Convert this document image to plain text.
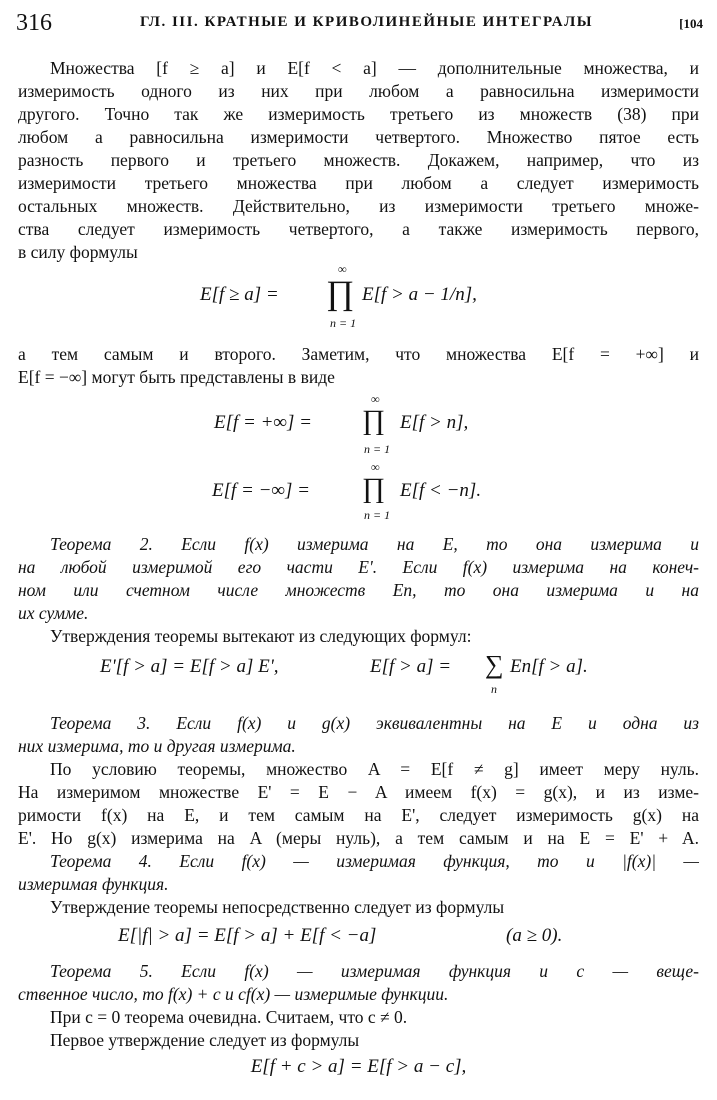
316	ГЛ. III. КРАТНЫЕ И КРИВОЛИНЕЙНЫЕ ИНТЕГРАЛЫ	[104
Множества [f ≥ a] и E[f < a] — дополнительные множества, и
измеримость одного из них при любом a равносильна измеримости
другого. Точно так же измеримость третьего из множеств (38) при
любом a равносильна измеримости четвертого. Множество пятое есть
разность первого и третьего множеств. Докажем, например, что из
измеримости третьего множества при любом a следует измеримость
остальных множеств. Действительно, из измеримости третьего множе-
ства следует измеримость четвертого, а также измеримость первого,
в силу формулы
E[f ≥ a] =
∞
∏
n = 1
E[f > a − 1/n],
а тем самым и второго. Заметим, что множества E[f = +∞] и
E[f = −∞] могут быть представлены в виде
E[f = +∞] =
∞
∏
n = 1
E[f > n],
E[f = −∞] =
∞
∏
n = 1
E[f < −n].
Теорема 2. Если f(x) измерима на E, то она измерима и
на любой измеримой его части E'. Если f(x) измерима на конеч-
ном или счетном числе множеств En, то она измерима и на
их сумме.
Утверждения теоремы вытекают из следующих формул:
E'[f > a] = E[f > a] E',	E[f > a] = ∑
n
En[f > a].
Теорема 3. Если f(x) и g(x) эквивалентны на E и одна из
них измерима, то и другая измерима.
По условию теоремы, множество A = E[f ≠ g] имеет меру нуль.
На измеримом множестве E' = E − A имеем f(x) = g(x), и из изме-
римости f(x) на E, и тем самым на E', следует измеримость g(x) на
E'. Но g(x) измерима на A (меры нуль), а тем самым и на E = E' + A.
Теорема 4. Если f(x) — измеримая функция, то и |f(x)| —
измеримая функция.
Утверждение теоремы непосредственно следует из формулы
E[|f| > a] = E[f > a] + E[f < −a]	(a ≥ 0).
Теорема 5. Если f(x) — измеримая функция и c — веще-
ственное число, то f(x) + c и cf(x) — измеримые функции.
При c = 0 теорема очевидна. Считаем, что c ≠ 0.
Первое утверждение следует из формулы
E[f + c > a] = E[f > a − c],
